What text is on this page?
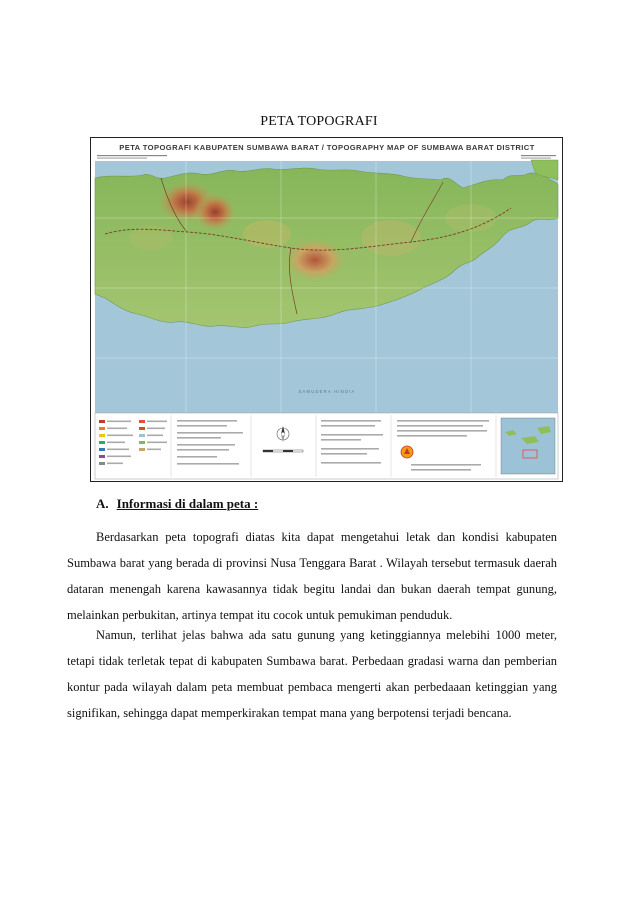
PETA TOPOGRAFI
PETA TOPOGRAFI KABUPATEN SUMBAWA BARAT / TOPOGRAPHY MAP OF SUMBAWA BARAT DISTRICT
SAMUDERA HINDIA
A. Informasi di dalam peta :

Berdasarkan peta topografi diatas kita dapat mengetahui letak dan kondisi kabupaten Sumbawa barat yang berada di provinsi Nusa Tenggara Barat . Wilayah tersebut termasuk daerah dataran menengah karena kawasannya tidak begitu landai dan bukan daerah tempat gunung, melainkan perbukitan, artinya tempat itu cocok untuk pemukiman penduduk.

Namun, terlihat jelas bahwa ada satu gunung yang ketinggiannya melebihi 1000 meter, tetapi tidak terletak tepat di kabupaten Sumbawa barat. Perbedaan gradasi warna dan pemberian kontur pada wilayah dalam peta membuat pembaca mengerti akan perbedaaan ketinggian yang signifikan, sehingga dapat memperkirakan tempat mana yang berpotensi terjadi bencana.
